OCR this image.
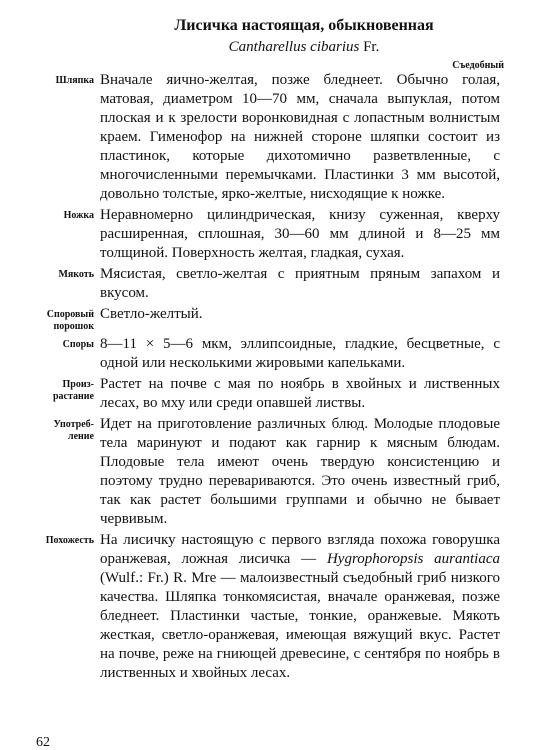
Лисичка настоящая, обыкновенная

Cantharellus cibarius Fr.

Съедобный
Шляпка Вначале яично-желтая, позже бледнеет. Обычно голая, матовая, диаметром 10—70 мм, сначала выпуклая, потом плоская и к зрелости воронковидная с лопастным волнистым краем. Гименофор на нижней стороне шляпки состоит из пластинок, которые дихотомично разветвленные, с многочисленными перемычками. Пластинки 3 мм высотой, довольно толстые, ярко-желтые, нисходящие к ножке.
Ножка Неравномерно цилиндрическая, книзу суженная, кверху расширенная, сплошная, 30—60 мм длиной и 8—25 мм толщиной. Поверхность желтая, гладкая, сухая.
Мякоть Мясистая, светло-желтая с приятным пряным запахом и вкусом.
Споровый порошок
Светло-желтый.
Споры 8—11 × 5—6 мкм, эллипсоидные, гладкие, бесцветные, с одной или несколькими жировыми капельками.
Произрастание
Растет на почве с мая по ноябрь в хвойных и лиственных лесах, во мху или среди опавшей листвы.
Употребление
Идет на приготовление различных блюд. Молодые плодовые тела маринуют и подают как гарнир к мясным блюдам. Плодовые тела имеют очень твердую консистенцию и поэтому трудно перевариваются. Это очень известный гриб, так как растет большими группами и обычно не бывает червивым.
Похожесть На лисичку настоящую с первого взгляда похожа говорушка оранжевая, ложная лисичка — Hygrophoropsis aurantiaca (Wulf.: Fr.) R. Mre — малоизвестный съедобный гриб низкого качества. Шляпка тонкомясистая, вначале оранжевая, позже бледнеет. Пластинки частые, тонкие, оранжевые. Мякоть жесткая, светло-оранжевая, имеющая вяжущий вкус. Растет на почве, реже на гниющей древесине, с сентября по ноябрь в лиственных и хвойных лесах.
62
